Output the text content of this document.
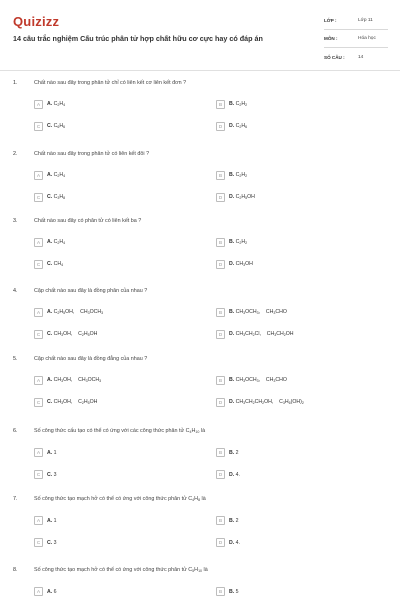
Quizizz
14 câu trắc nghiệm Cấu trúc phân tử hợp chất hữu cơ cực hay có đáp án
LỚP :	Lớp 11
MÔN :	Hóa học
SỐ CÂU :	14
1.	Chất nào sau đây trong phân tử chỉ có liên kết cơ liên kết đơn ?
A	A. $C_2H_4$	B	B. $C_2H_2$
C	C. $C_6H_6$	D	D. $C_2H_6$
2.	Chất nào sau đây trong phân tử có liên kết đôi ?
A	A. $C_2H_4$	B	B. $C_2H_2$
C	C. $C_3H_8$	D	D. $C_2H_5OH$
3.	Chất nào sau đây có phân tử có liên kết ba ?
A	A. $C_2H_4$	B	B. $C_2H_2$
C	C. $CH_4$	D	D. $CH_3OH$
4.	Cặp chất nào sau đây là đồng phân của nhau ?
A	A. $C_2H_5OH$,    $CH_3OCH_3$	B	B. $CH_3OCH_3$,    $CH_3CHO$
C	C. $CH_3OH$,    $C_2H_5OH$	D	D. $CH_3CH_2Cl$,    $CH_3CH_2OH$
5.	Cặp chất nào sau đây là đồng đẳng của nhau ?
A	A. $CH_3OH$,    $CH_3OCH_3$	B	B. $CH_3OCH_3$,    $CH_3CHO$
C	C. $CH_3OH$,    $C_2H_5OH$	D	D. $CH_3CH_2CH_2OH$,    $C_3H_6(OH)_2$
6.	Số công thức cấu tạo có thể có ứng với các công thức phân tử $C_4H_{10}$ là
A	A. 1	B	B. 2
C	C. 3	D	D. 4.
7.	Số công thức tạo mạch hở có thể có ứng với công thức phân tử $C_4H_8$ là
A	A. 1	B	B. 2
C	C. 3	D	D. 4.
8.	Số công thức tạo mạch hở có thể có ứng với công thức phân tử $C_5H_{10}$ là
A	A. 6	B	B. 5
